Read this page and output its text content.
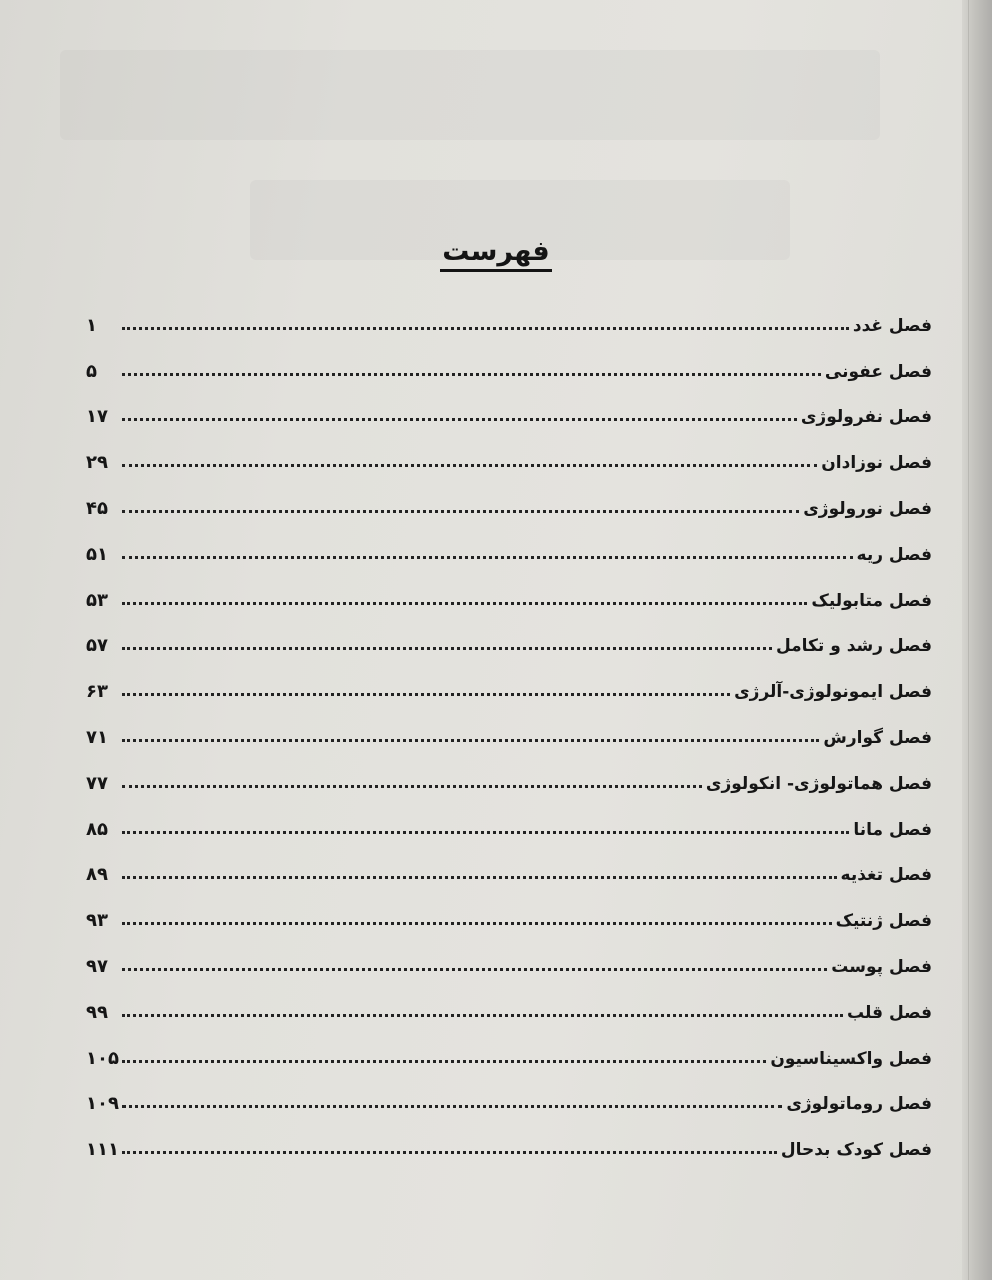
فهرست
فصل غدد
۱
فصل عفونی
۵
فصل نفرولوژی
۱۷
فصل نوزادان
۲۹
فصل نورولوژی
۴۵
فصل ریه
۵۱
فصل متابولیک
۵۳
فصل رشد و تکامل
۵۷
فصل ایمونولوژی-آلرژی
۶۳
فصل گوارش
۷۱
فصل هماتولوژی- انکولوژی
۷۷
فصل مانا
۸۵
فصل تغذیه
۸۹
فصل ژنتیک
۹۳
فصل پوست
۹۷
فصل قلب
۹۹
فصل واکسیناسیون
۱۰۵
فصل روماتولوژی
۱۰۹
فصل کودک بدحال
۱۱۱
